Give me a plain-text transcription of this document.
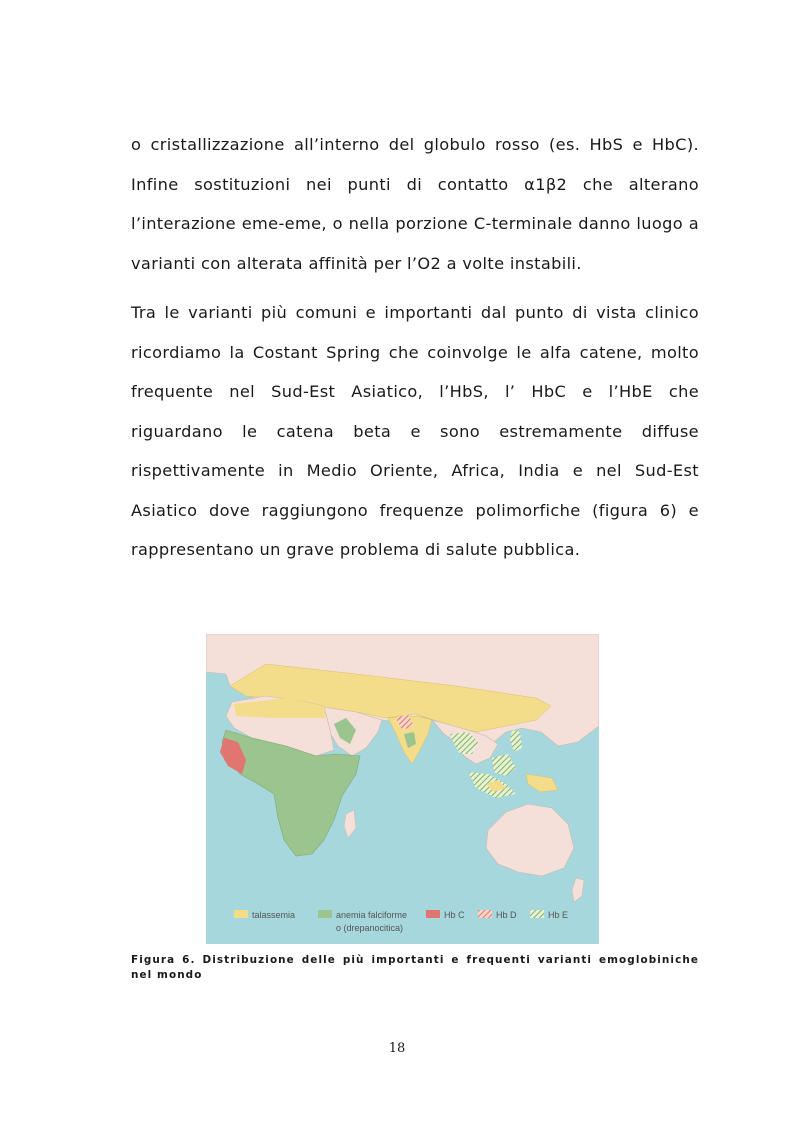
o cristallizzazione all’interno del globulo rosso (es. HbS e HbC). Infine sostituzioni nei punti di contatto α1β2 che alterano l’interazione eme-eme, o nella porzione C-terminale danno luogo a varianti con alterata affinità per l’O2 a volte instabili.

Tra le varianti più comuni e importanti dal punto di vista clinico ricordiamo la Costant Spring che coinvolge le alfa catene, molto frequente nel Sud-Est Asiatico, l’HbS, l’ HbC e l’HbE che riguardano le catena beta e sono estremamente diffuse rispettivamente in Medio Oriente, Africa, India e nel Sud-Est Asiatico dove raggiungono frequenze polimorfiche (figura 6) e rappresentano un grave problema di salute pubblica.

talassemia	anemia falciforme
o (drepanocitica)
Hb C	Hb D	Hb E

Figura 6. Distribuzione delle più importanti e frequenti varianti emoglobiniche nel mondo

18
